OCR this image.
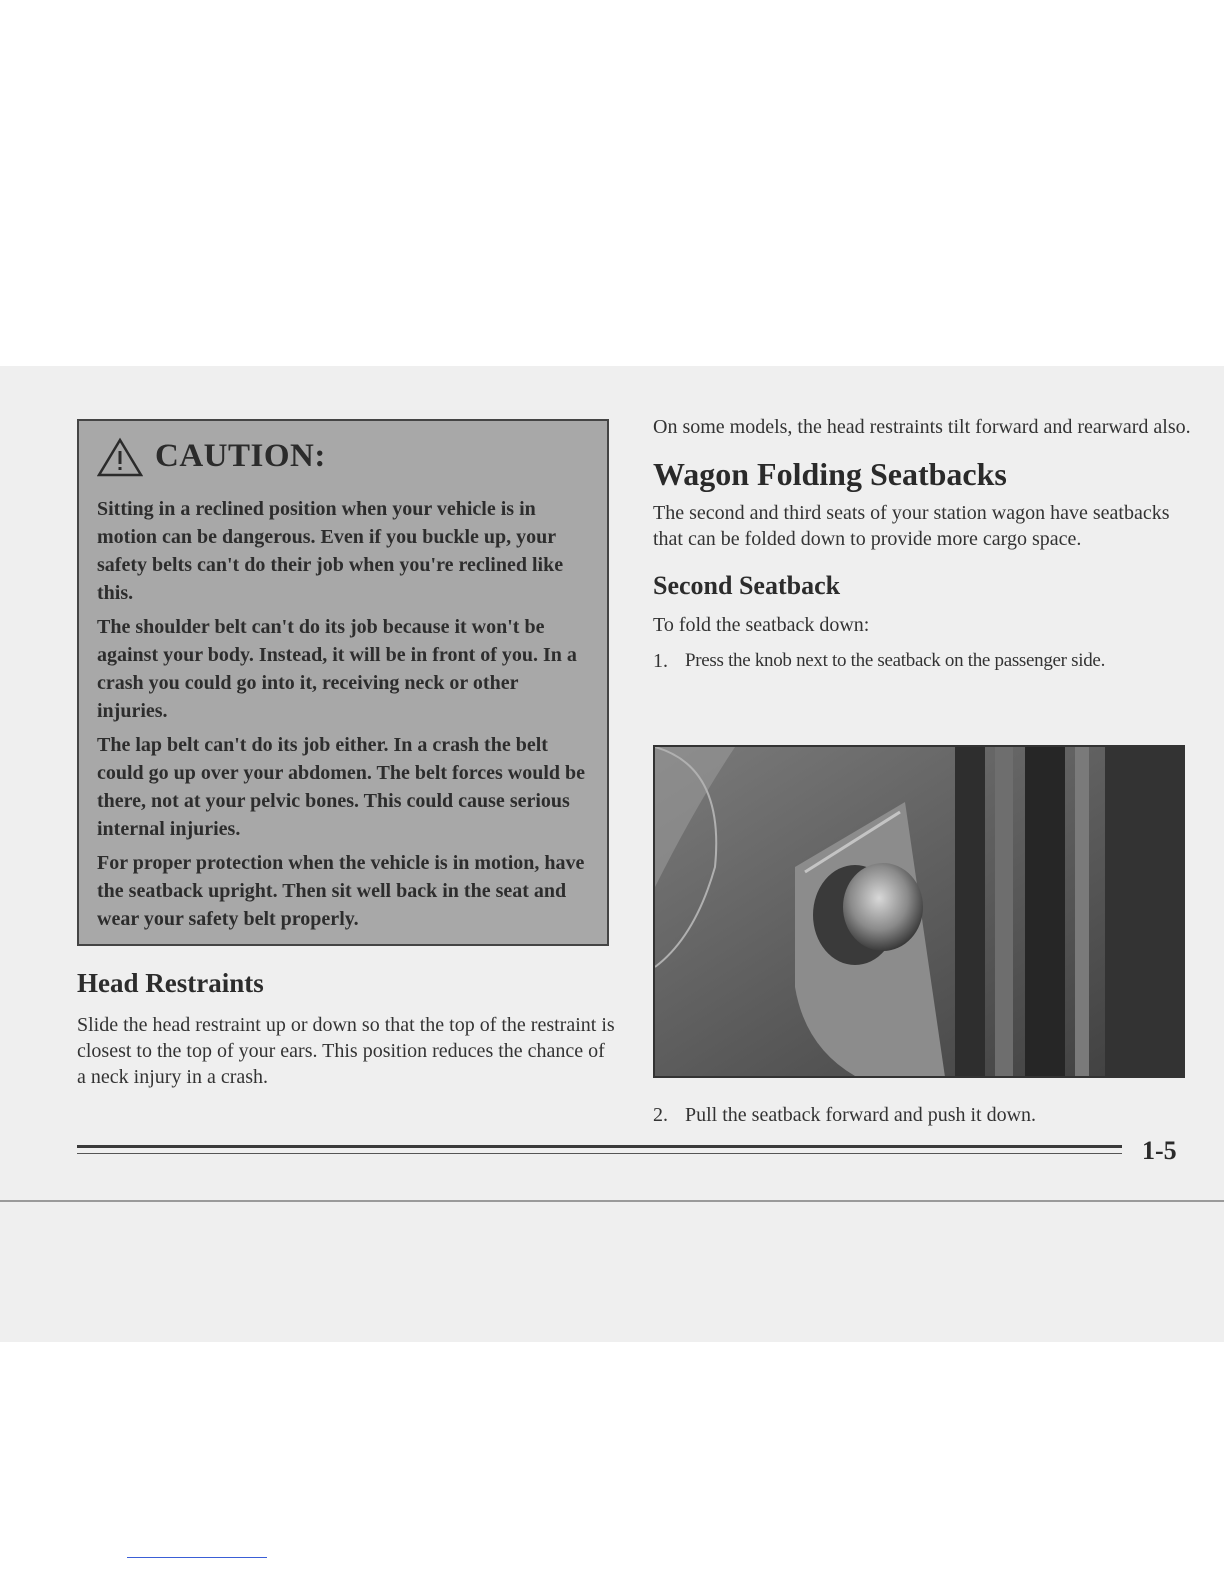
CAUTION:

Sitting in a reclined position when your vehicle is in motion can be dangerous. Even if you buckle up, your safety belts can't do their job when you're reclined like this.

The shoulder belt can't do its job because it won't be against your body. Instead, it will be in front of you. In a crash you could go into it, receiving neck or other injuries.

The lap belt can't do its job either. In a crash the belt could go up over your abdomen. The belt forces would be there, not at your pelvic bones. This could cause serious internal injuries.

For proper protection when the vehicle is in motion, have the seatback upright. Then sit well back in the seat and wear your safety belt properly.

Head Restraints

Slide the head restraint up or down so that the top of the restraint is closest to the top of your ears. This position reduces the chance of a neck injury in a crash.

On some models, the head restraints tilt forward and rearward also.

Wagon Folding Seatbacks

The second and third seats of your station wagon have seatbacks that can be folded down to provide more cargo space.

Second Seatback

To fold the seatback down:

1. Press the knob next to the seatback on the passenger side.
2. Pull the seatback forward and push it down.
1-5
